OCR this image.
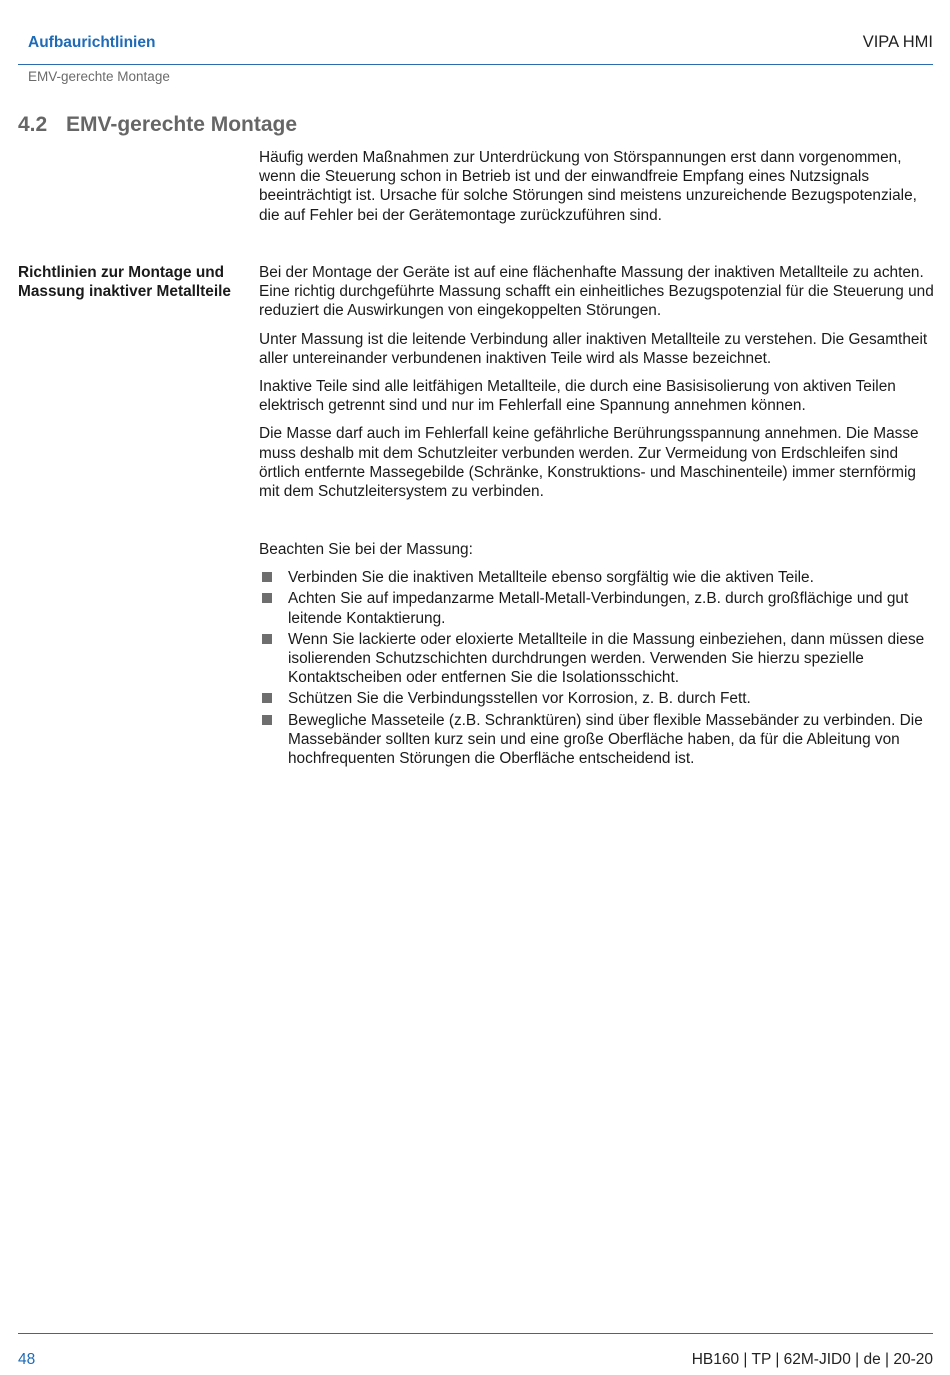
Aufbaurichtlinien	VIPA HMI
EMV-gerechte Montage
4.2 EMV-gerechte Montage

Häufig werden Maßnahmen zur Unterdrückung von Störspannungen erst dann vorgenommen, wenn die Steuerung schon in Betrieb ist und der einwandfreie Empfang eines Nutzsignals beeinträchtigt ist. Ursache für solche Störungen sind meistens unzureichende Bezugspotenziale, die auf Fehler bei der Gerätemontage zurückzuführen sind.

Richtlinien zur Montage und Massung inaktiver Metallteile

Bei der Montage der Geräte ist auf eine flächenhafte Massung der inaktiven Metallteile zu achten. Eine richtig durchgeführte Massung schafft ein einheitliches Bezugspotenzial für die Steuerung und reduziert die Auswirkungen von eingekoppelten Störungen.

Unter Massung ist die leitende Verbindung aller inaktiven Metallteile zu verstehen. Die Gesamtheit aller untereinander verbundenen inaktiven Teile wird als Masse bezeichnet.

Inaktive Teile sind alle leitfähigen Metallteile, die durch eine Basisisolierung von aktiven Teilen elektrisch getrennt sind und nur im Fehlerfall eine Spannung annehmen können.

Die Masse darf auch im Fehlerfall keine gefährliche Berührungsspannung annehmen. Die Masse muss deshalb mit dem Schutzleiter verbunden werden. Zur Vermeidung von Erdschleifen sind örtlich entfernte Massegebilde (Schränke, Konstruktions- und Maschinenteile) immer sternförmig mit dem Schutzleitersystem zu verbinden.

Beachten Sie bei der Massung:

Verbinden Sie die inaktiven Metallteile ebenso sorgfältig wie die aktiven Teile.
Achten Sie auf impedanzarme Metall-Metall-Verbindungen, z.B. durch großflächige und gut leitende Kontaktierung.
Wenn Sie lackierte oder eloxierte Metallteile in die Massung einbeziehen, dann müssen diese isolierenden Schutzschichten durchdrungen werden. Verwenden Sie hierzu spezielle Kontaktscheiben oder entfernen Sie die Isolationsschicht.
Schützen Sie die Verbindungsstellen vor Korrosion, z. B. durch Fett.
Bewegliche Masseteile (z.B. Schranktüren) sind über flexible Massebänder zu verbinden. Die Massebänder sollten kurz sein und eine große Oberfläche haben, da für die Ableitung von hochfrequenten Störungen die Oberfläche entscheidend ist.
48	HB160 | TP | 62M-JID0 | de | 20-20
